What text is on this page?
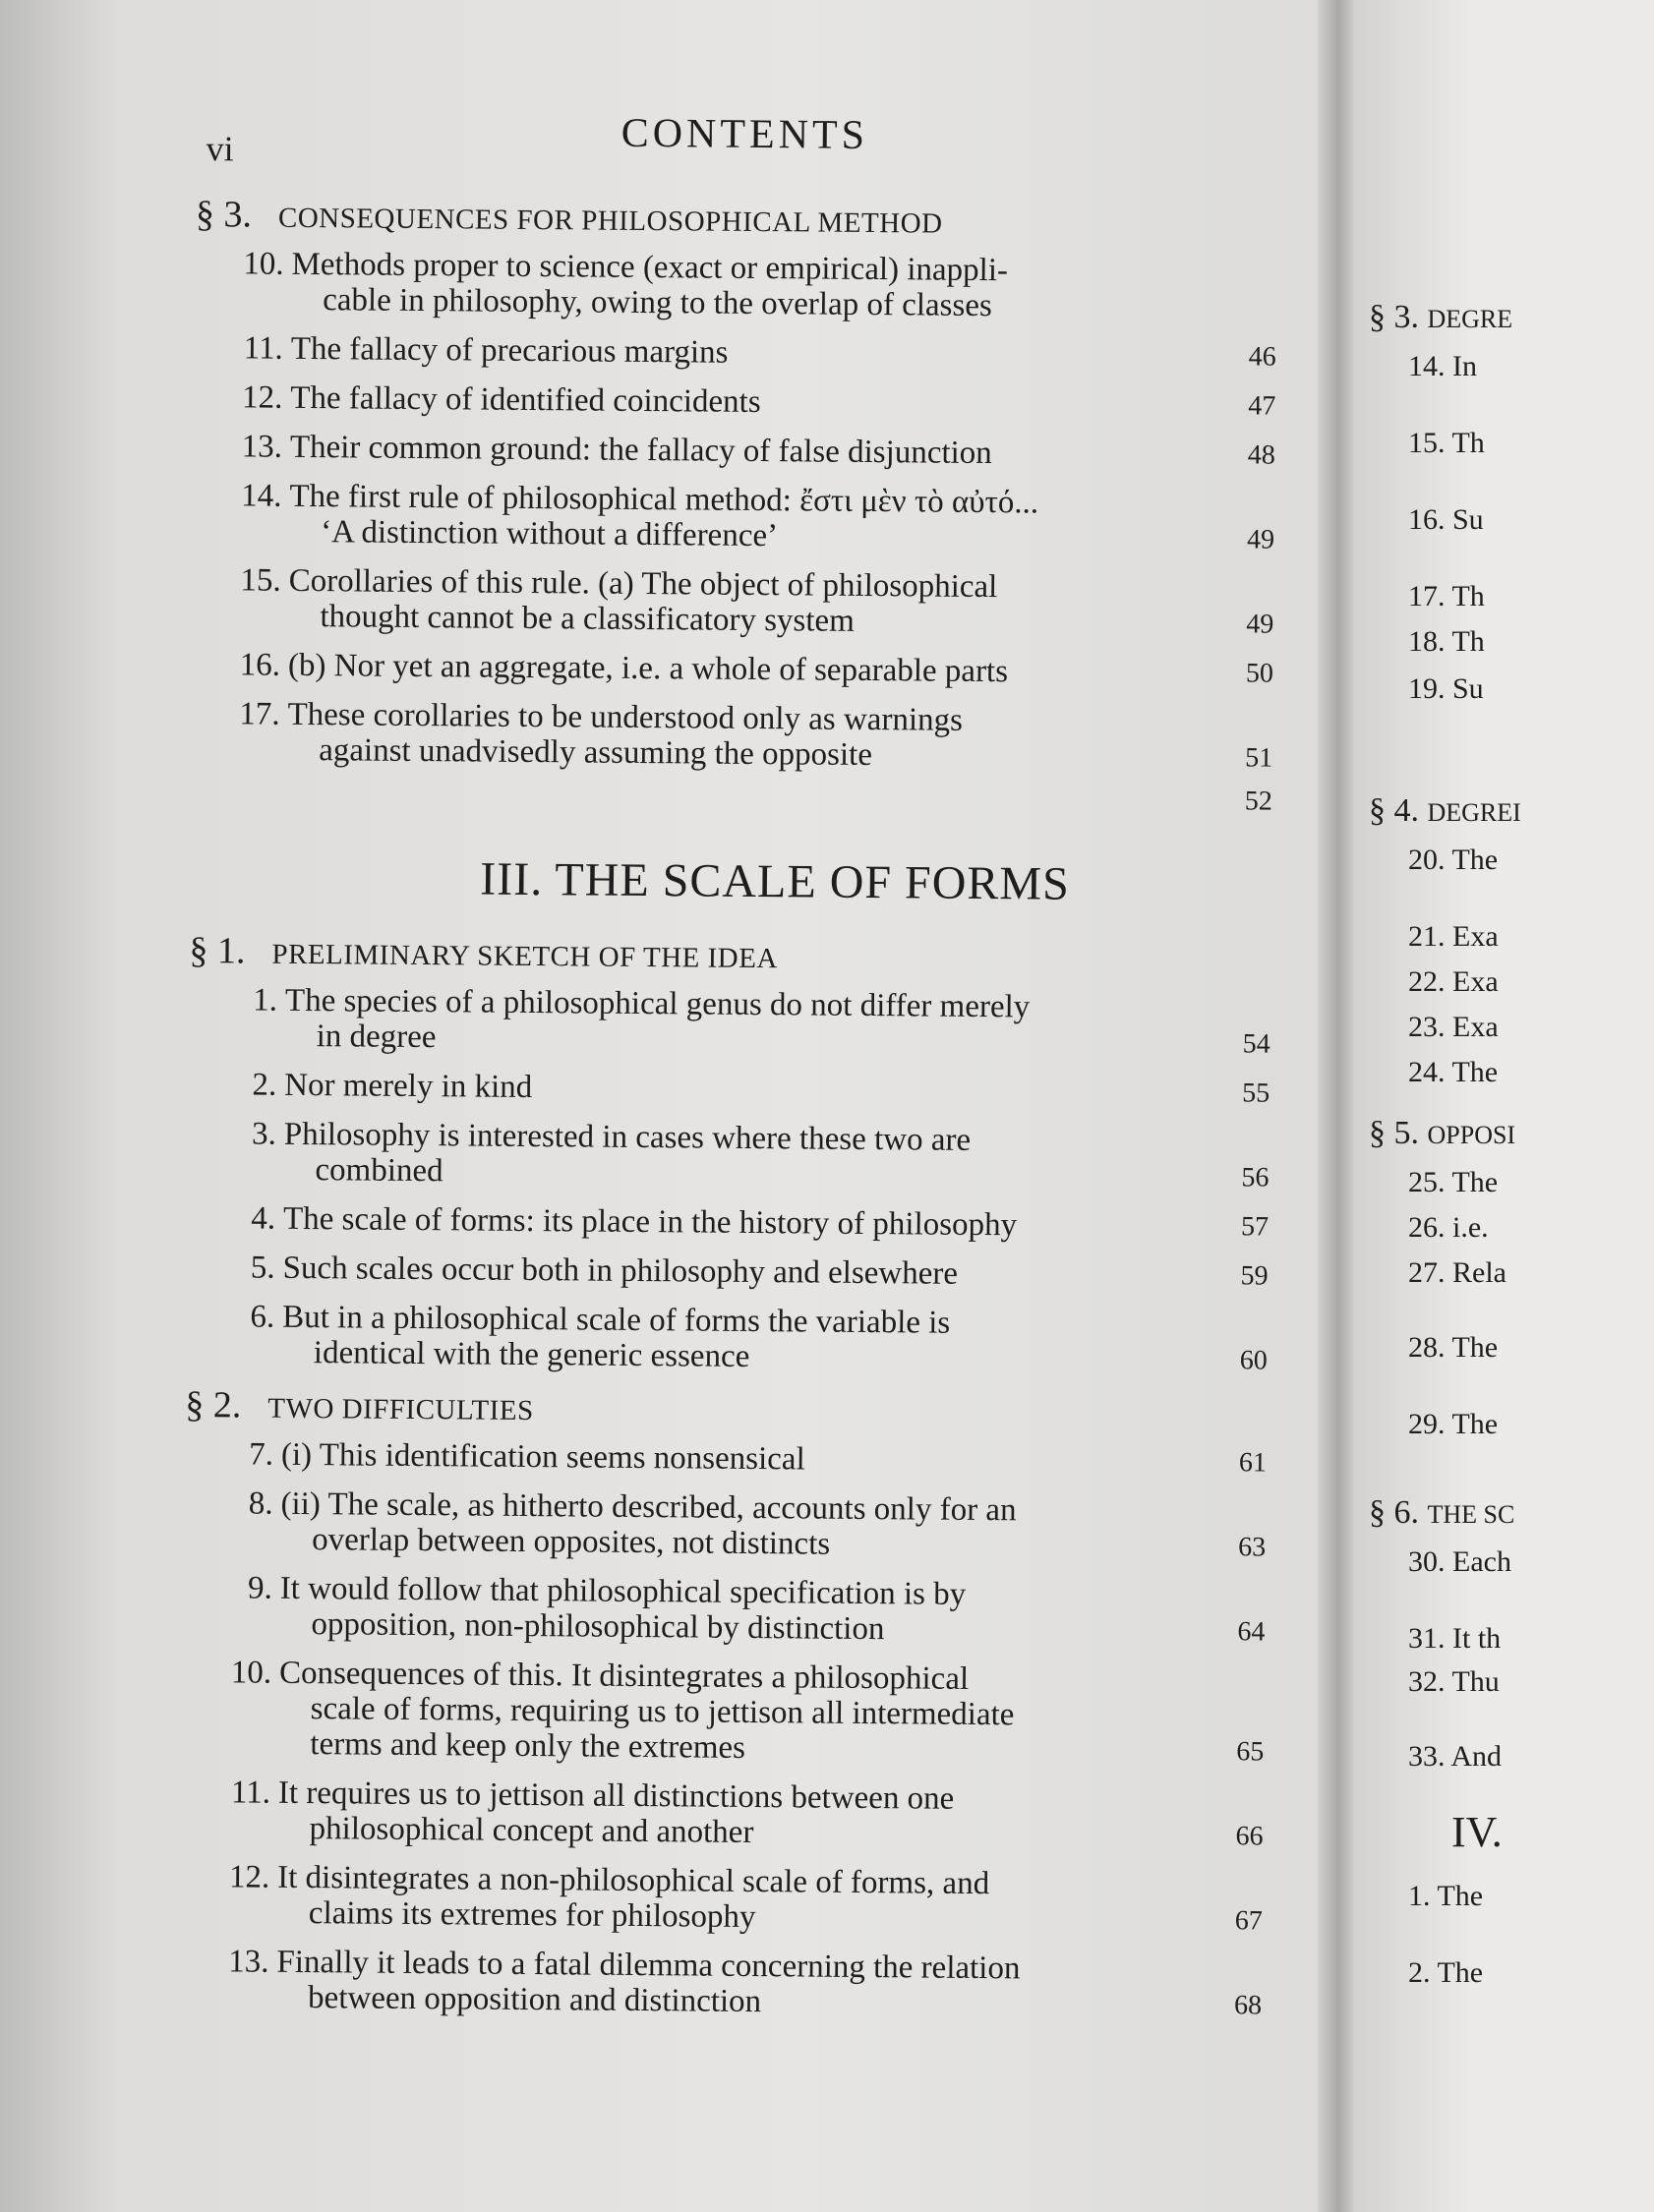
§ 3. DEGRE
14. In
15. Th
16. Su
17. Th
18. Th
19. Su
§ 4. DEGREI
20. The
21. Exa
22. Exa
23. Exa
24. The
§ 5. OPPOSI
25. The
26. i.e.
27. Rela
28. The
29. The
§ 6. THE SC
30. Each
31. It th
32. Thu
33. And
IV.
1. The
2. The
vi	CONTENTS
§ 3. CONSEQUENCES FOR PHILOSOPHICAL METHOD
10. Methods proper to science (exact or empirical) inappli-
cable in philosophy, owing to the overlap of classes
11. The fallacy of precarious margins	46
12. The fallacy of identified coincidents	47
13. Their common ground: the fallacy of false disjunction	48
14. The first rule of philosophical method: ἔστι μὲν τὸ αὐτό...
‘A distinction without a difference’	49
15. Corollaries of this rule. (a) The object of philosophical
thought cannot be a classificatory system	49
16. (b) Nor yet an aggregate, i.e. a whole of separable parts	50
17. These corollaries to be understood only as warnings
against unadvisedly assuming the opposite	51
52
III. THE SCALE OF FORMS
§ 1. PRELIMINARY SKETCH OF THE IDEA
1. The species of a philosophical genus do not differ merely
in degree	54
2. Nor merely in kind	55
3. Philosophy is interested in cases where these two are
combined	56
4. The scale of forms: its place in the history of philosophy	57
5. Such scales occur both in philosophy and elsewhere	59
6. But in a philosophical scale of forms the variable is
identical with the generic essence	60
§ 2. TWO DIFFICULTIES
7. (i) This identification seems nonsensical	61
8. (ii) The scale, as hitherto described, accounts only for an
overlap between opposites, not distincts	63
9. It would follow that philosophical specification is by
opposition, non-philosophical by distinction	64
10. Consequences of this. It disintegrates a philosophical
scale of forms, requiring us to jettison all intermediate
terms and keep only the extremes	65
11. It requires us to jettison all distinctions between one
philosophical concept and another	66
12. It disintegrates a non-philosophical scale of forms, and
claims its extremes for philosophy	67
13. Finally it leads to a fatal dilemma concerning the relation
between opposition and distinction	68
